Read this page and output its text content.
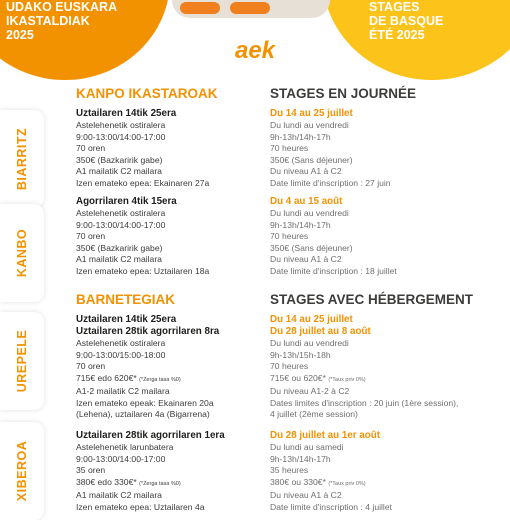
UDAKO EUSKARA
IKASTALDIAK
2025
STAGES
DE BASQUE
ÉTÉ 2025
aek
BIARRITZ
KANBO
UREPELE
XIBEROA
KANPO IKASTAROAK	STAGES EN JOURNÉE
BARNETEGIAK	STAGES AVEC HÉBERGEMENT
Uztailaren 14tik 25era
Astelehenetik ostiralera
9:00-13:00/14:00-17:00
70 oren
350€ (Bazkaririk gabe)
A1 mailatik C2 mailara
Izen emateko epea: Ekainaren 27a
Du 14 au 25 juillet
Du lundi au vendredi
9h-13h/14h-17h
70 heures
350€ (Sans déjeuner)
Du niveau A1 à C2
Date limite d'inscription : 27 juin
Agorrilaren 4tik 15era
Astelehenetik ostiralera
9:00-13:00/14:00-17:00
70 oren
350€ (Bazkaririk gabe)
A1 mailatik C2 mailara
Izen emateko epea: Uztailaren 18a
Du 4 au 15 août
Du lundi au vendredi
9h-13h/14h-17h
70 heures
350€ (Sans déjeuner)
Du niveau A1 à C2
Date limite d'inscription : 18 juillet
Uztailaren 14tik 25era
Uztailaren 28tik agorrilaren 8ra
Astelehenetik ostiralera
9:00-13:00/15:00-18:00
70 oren
715€ edo 620€* (*Zerga tasa %0)
A1-2 mailatik C2 mailara
Izen emateko epeak: Ekainaren 20a
(Lehena), uztailaren 4a (Bigarrena)
Du 14 au 25 juillet
Du 28 juillet au 8 août
Du lundi au vendredi
9h-13h/15h-18h
70 heures
715€ ou 620€* (*Taux priv 0%)
Du niveau A1-2 à C2
Dates limites d'inscription : 20 juin (1ère session),
4 juillet (2ème session)
Uztailaren 28tik agorrilaren 1era
Astelehenetik larunbatera
9:00-13:00/14:00-17:00
35 oren
380€ edo 330€* (*Zerga tasa %0)
A1 mailatik C2 mailara
Izen emateko epea: Uztailaren 4a
Du 28 juillet au 1er août
Du lundi au samedi
9h-13h/14h-17h
35 heures
380€ ou 330€* (*Taux priv 0%)
Du niveau A1 à C2
Date limite d'inscription : 4 juillet
